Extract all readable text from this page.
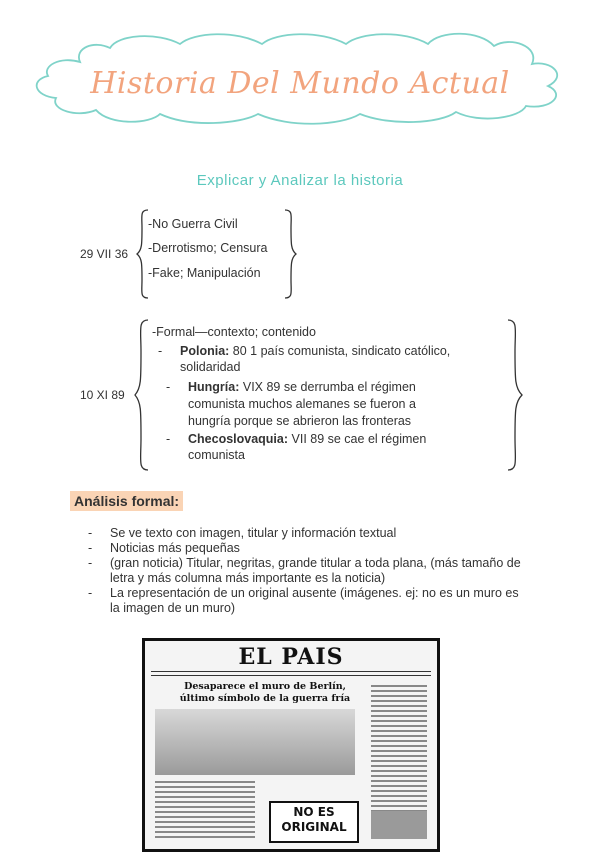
Historia Del Mundo Actual
Explicar y Analizar la historia
29 VII 36
-No Guerra Civil
-Derrotismo; Censura
-Fake; Manipulación
10 XI 89
-Formal—contexto; contenido
- Polonia: 80 1 país comunista, sindicato católico,
solidaridad
- Hungría: VIX 89 se derrumba el régimen
comunista muchos alemanes se fueron a
hungría porque se abrieron las fronteras
- Checoslovaquia: VII 89 se cae el régimen
comunista
Análisis formal:
- Se ve texto con imagen, titular y información textual
- Noticias más pequeñas
- (gran noticia) Titular, negritas, grande titular a toda plana, (más tamaño de letra y más columna más importante es la noticia)
- La representación de un original ausente (imágenes. ej: no es un muro es la imagen de un muro)
EL PAIS
Desaparece el muro de Berlín,
último símbolo de la guerra fría
NO ES
ORIGINAL
